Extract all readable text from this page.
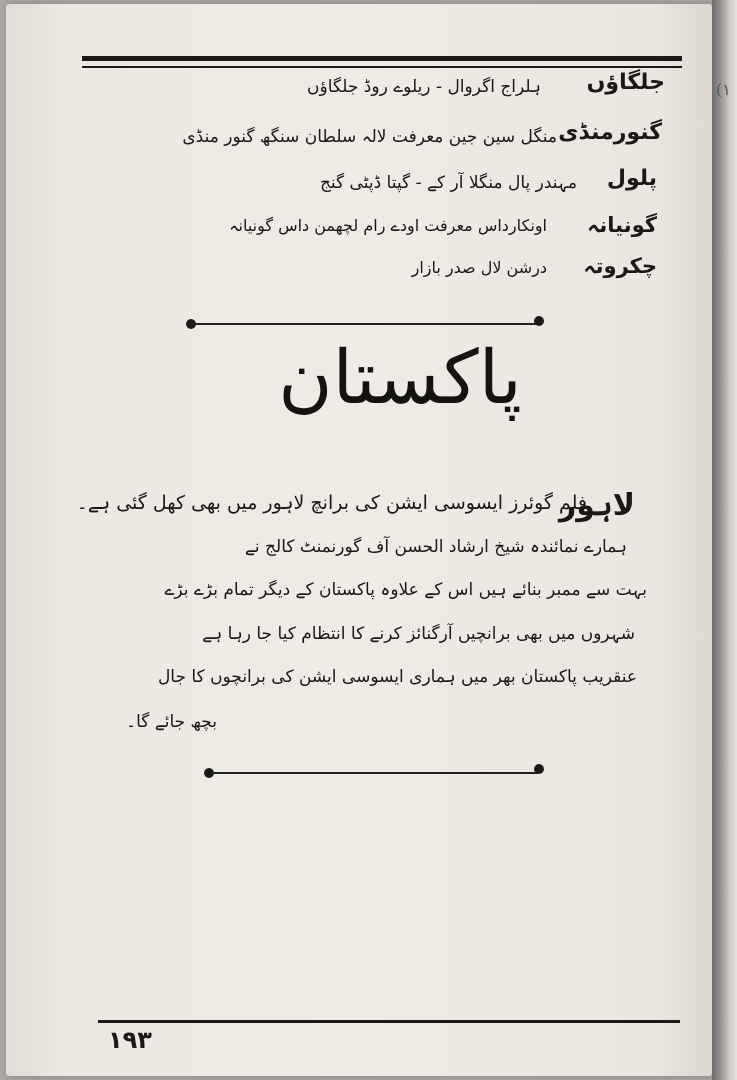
(۱
جلگاؤں
ہلراج اگروال - ریلوے روڈ جلگاؤں
گنورمنڈی
منگل سین جین معرفت لالہ سلطان سنگھ گنور منڈی
پلول
مہندر پال منگلا آر کے - گپتا ڈپٹی گنج
گونیانہ
اونکارداس معرفت اودے رام لچھمن داس گونیانہ
چکروتہ
درشن لال صدر بازار
پاکستان
لاہور
فلم گوئرز ایسوسی ایشن کی برانچ لاہور میں بھی کھل گئی ہے۔
ہمارے نمائندہ شیخ ارشاد الحسن آف گورنمنٹ کالج نے
بہت سے ممبر بنائے ہیں اس کے علاوہ پاکستان کے دیگر تمام بڑے بڑے
شہروں میں بھی برانچیں آرگنائز کرنے کا انتظام کیا جا رہا ہے
عنقریب پاکستان بھر میں ہماری ایسوسی ایشن کی برانچوں کا جال
بچھ جائے گا۔
۱۹۳
